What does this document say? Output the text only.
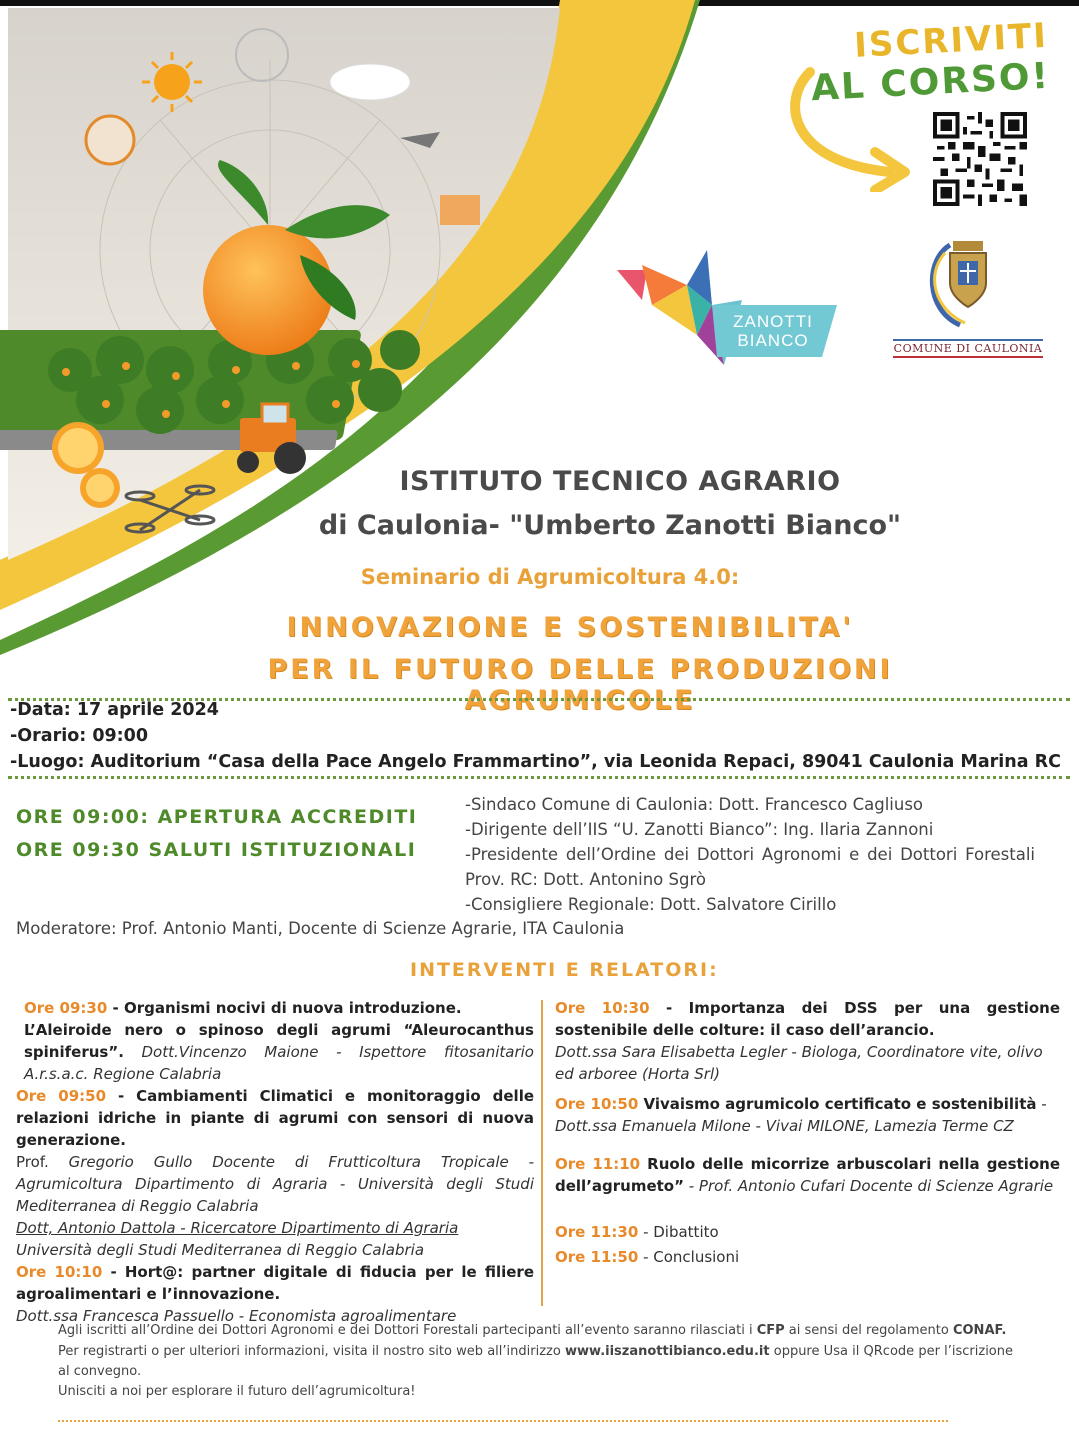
ISCRIVITI
AL CORSO!
ZANOTTI
BIANCO	COMUNE DI CAULONIA
ISTITUTO TECNICO AGRARIO
di Caulonia- "Umberto Zanotti Bianco"
Seminario di Agrumicoltura 4.0:
INNOVAZIONE E SOSTENIBILITA'
PER IL FUTURO DELLE PRODUZIONI AGRUMICOLE
-Data: 17 aprile 2024
-Orario: 09:00
-Luogo: Auditorium “Casa della Pace Angelo Frammartino”, via Leonida Repaci, 89041 Caulonia Marina RC
ORE 09:00: APERTURA ACCREDITI
ORE 09:30 SALUTI ISTITUZIONALI

-Sindaco Comune di Caulonia: Dott. Francesco Cagliuso

-Dirigente dell’IIS “U. Zanotti Bianco”: Ing. Ilaria Zannoni

-Presidente dell’Ordine dei Dottori Agronomi e dei Dottori Forestali Prov. RC: Dott. Antonino Sgrò

-Consigliere Regionale: Dott. Salvatore Cirillo

Moderatore: Prof. Antonio Manti, Docente di Scienze Agrarie, ITA Caulonia
INTERVENTI E RELATORI:
Ore 09:30 - Organismi nocivi di nuova introduzione.
L’Aleiroide nero o spinoso degli agrumi “Aleurocanthus spiniferus”. Dott.Vincenzo Maione - Ispettore fitosanitario A.r.s.a.c. Regione Calabria
Ore 09:50 - Cambiamenti Climatici e monitoraggio delle relazioni idriche in piante di agrumi con sensori di nuova generazione.
Prof. Gregorio Gullo Docente di Frutticoltura Tropicale - Agrumicoltura Dipartimento di Agraria - Università degli Studi Mediterranea di Reggio Calabria
Dott, Antonio Dattola - Ricercatore Dipartimento di Agraria
Università degli Studi Mediterranea di Reggio Calabria
Ore 10:10 - Hort@: partner digitale di fiducia per le filiere agroalimentari e l’innovazione.
Dott.ssa Francesca Passuello - Economista agroalimentare
Ore 10:30 - Importanza dei DSS per una gestione sostenibile delle colture: il caso dell’arancio.
Dott.ssa Sara Elisabetta Legler - Biologa, Coordinatore vite, olivo ed arboree (Horta Srl)
Ore 10:50 Vivaismo agrumicolo certificato e sostenibilità - Dott.ssa Emanuela Milone - Vivai MILONE, Lamezia Terme CZ
Ore 11:10 Ruolo delle micorrize arbuscolari nella gestione dell’agrumeto” - Prof. Antonio Cufari Docente di Scienze Agrarie
Ore 11:30 - Dibattito
Ore 11:50 - Conclusioni

Agli iscritti all’Ordine dei Dottori Agronomi e dei Dottori Forestali partecipanti all’evento saranno rilasciati i CFP ai sensi del regolamento CONAF.

Per registrarti o per ulteriori informazioni, visita il nostro sito web all’indirizzo www.iiszanottibianco.edu.it oppure Usa il QRcode per l’iscrizione al convegno.

Unisciti a noi per esplorare il futuro dell’agrumicoltura!
